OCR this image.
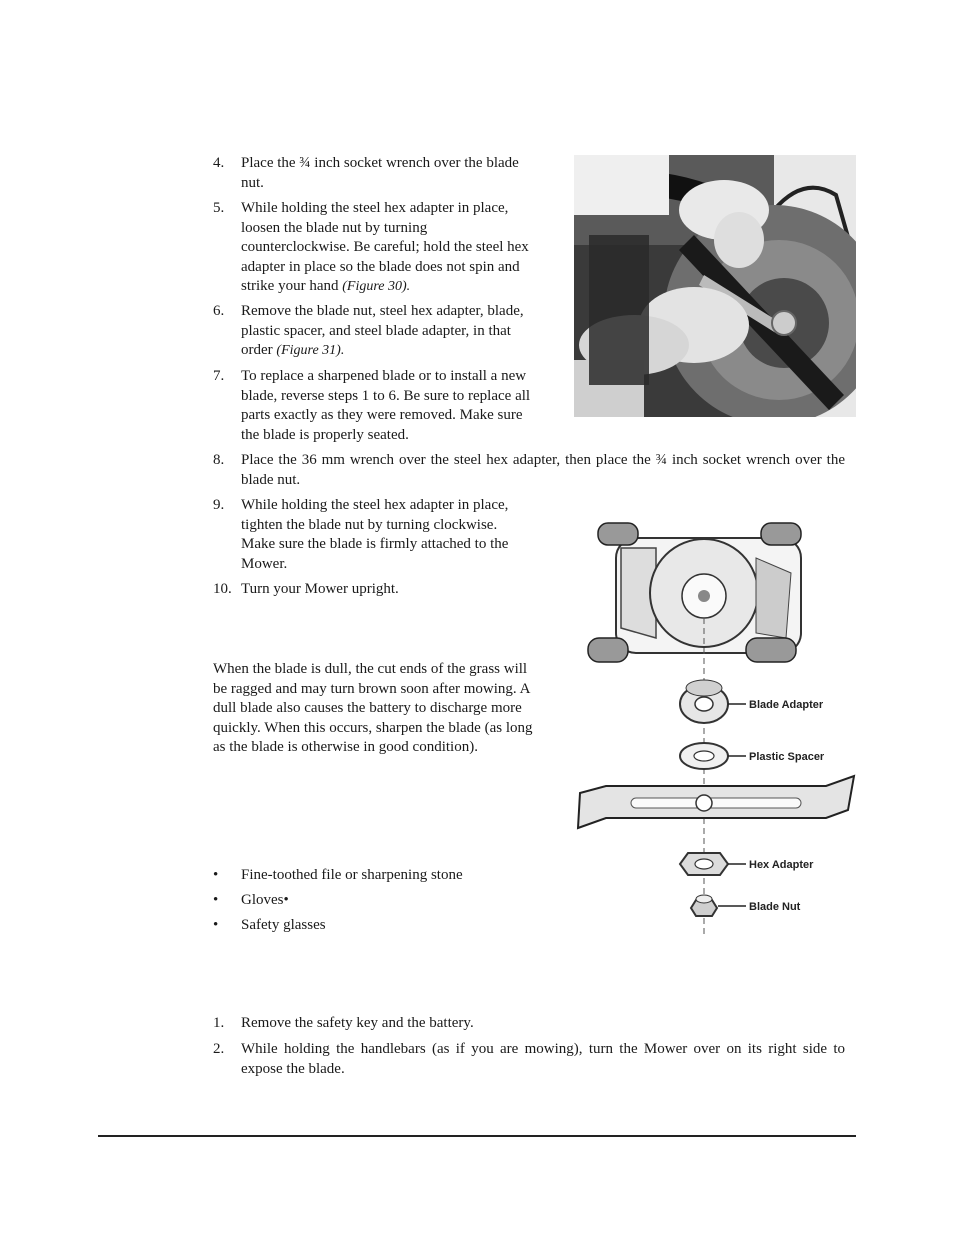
4. Place the ¾ inch socket wrench over the blade nut.
5. While holding the steel hex adapter in place, loosen the blade nut by turning counterclockwise. Be careful; hold the steel hex adapter in place so the blade does not spin and strike your hand (Figure 30).
6. Remove the blade nut, steel hex adapter, blade, plastic spacer, and steel blade adapter, in that order (Figure 31).
7. To replace a sharpened blade or to install a new blade, reverse steps 1 to 6. Be sure to replace all parts exactly as they were removed. Make sure the blade is properly seated.
8. Place the 36 mm wrench over the steel hex adapter, then place the ¾ inch socket wrench over the blade nut.
9. While holding the steel hex adapter in place, tighten the blade nut by turning clockwise. Make sure the blade is firmly attached to the Mower.
10. Turn your Mower upright.
When the blade is dull, the cut ends of the grass will be ragged and may turn brown soon after mowing. A dull blade also causes the battery to discharge more quickly. When this occurs, sharpen the blade (as long as the blade is otherwise in good condition).
• Fine-toothed file or sharpening stone
• Gloves•
• Safety glasses
1. Remove the safety key and the battery.
2. While holding the handlebars (as if you are mowing), turn the Mower over on its right side to expose the blade.
Blade Adapter
Plastic Spacer
Hex Adapter
Blade Nut
